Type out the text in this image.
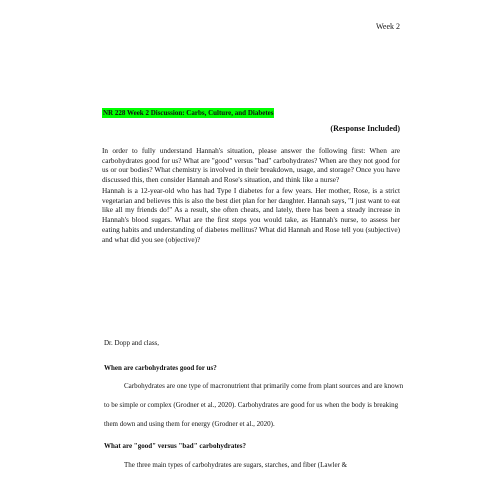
Week 2
NR 228 Week 2 Discussion: Carbs, Culture, and Diabetes
(Response Included)

In order to fully understand Hannah's situation, please answer the following first: When are carbohydrates good for us? What are "good" versus "bad" carbohydrates? When are they not good for us or our bodies? What chemistry is involved in their breakdown, usage, and storage? Once you have discussed this, then consider Hannah and Rose's situation, and think like a nurse?

Hannah is a 12-year-old who has had Type I diabetes for a few years. Her mother, Rose, is a strict vegetarian and believes this is also the best diet plan for her daughter. Hannah says, "I just want to eat like all my friends do!" As a result, she often cheats, and lately, there has been a steady increase in Hannah's blood sugars. What are the first steps you would take, as Hannah's nurse, to assess her eating habits and understanding of diabetes mellitus? What did Hannah and Rose tell you (subjective) and what did you see (objective)?

Dr. Dopp and class,
When are carbohydrates good for us?

Carbohydrates are one type of macronutrient that primarily come from plant sources and are known to be simple or complex (Grodner et al., 2020). Carbohydrates are good for us when the body is breaking them down and using them for energy (Grodner et al., 2020).

What are "good" versus "bad" carbohydrates?

The three main types of carbohydrates are sugars, starches, and fiber (Lawler &
